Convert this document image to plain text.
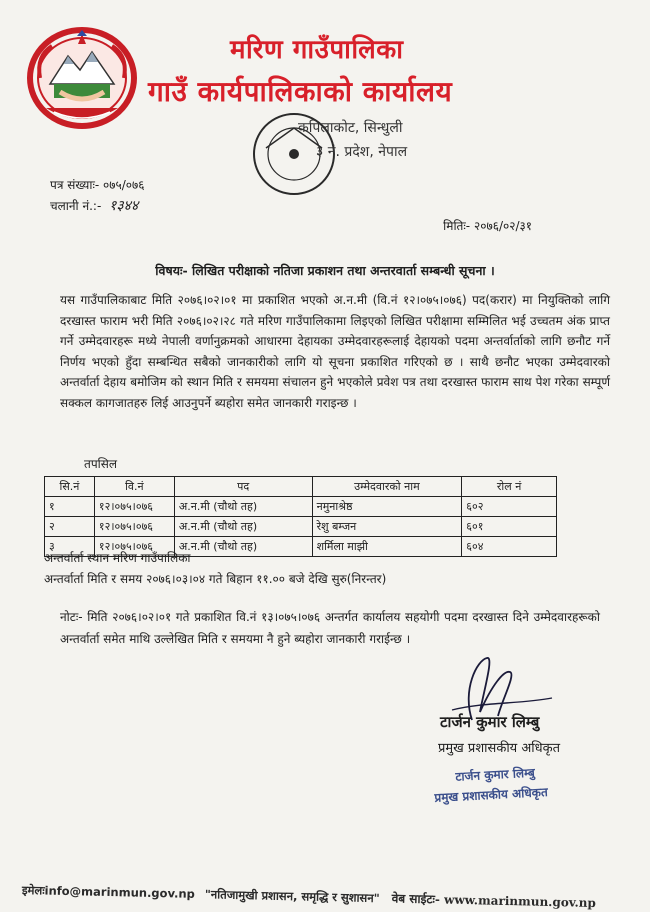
मरिण गाउँपालिका
गाउँ कार्यपालिकाको कार्यालय
कपिलाकोट, सिन्धुली
३ नं. प्रदेश, नेपाल
पत्र संख्याः- ०७५/०७६
चलानी नं.:- १३४४
मितिः- २०७६/०२/३१
विषयः- लिखित परीक्षाको नतिजा प्रकाशन तथा अन्तरवार्ता सम्बन्धी सूचना ।
यस गाउँपालिकाबाट मिति २०७६।०२।०१ मा प्रकाशित भएको अ.न.मी (वि.नं १२।०७५।०७६) पद(करार) मा नियुक्तिको लागि दरखास्त फाराम भरी मिति २०७६।०२।२८ गते मरिण गाउँपालिकामा लिइएको लिखित परीक्षामा सम्मिलित भई उच्चतम अंक प्राप्त गर्ने उम्मेदवारहरू मध्ये नेपाली वर्णानुक्रमको आधारमा देहायका उम्मेदवारहरूलाई देहायको पदमा अन्तर्वार्ताको लागि छनौट गर्ने निर्णय भएको हुँदा सम्बन्धित सबैको जानकारीको लागि यो सूचना प्रकाशित गरिएको छ । साथै छनौट भएका उम्मेदवारको अन्तर्वार्ता देहाय बमोजिम को स्थान मिति र समयमा संचालन हुने भएकोले प्रवेश पत्र तथा दरखास्त फाराम साथ पेश गरेका सम्पूर्ण सक्कल कागजातहरु लिई आउनुपर्ने ब्यहोरा समेत जानकारी गराइन्छ ।
तपसिल
सि.नं	वि.नं	पद	उम्मेदवारको नाम	रोल नं
१	१२।०७५।०७६	अ.न.मी (चौथो तह)	नमुनाश्रेष्ठ	६०२
२	१२।०७५।०७६	अ.न.मी (चौथो तह)	रेशु बम्जन	६०१
३	१२।०७५।०७६	अ.न.मी (चौथो तह)	शर्मिला माझी	६०४
अन्तर्वार्ता स्थान मरिण गाउँपालिका
अन्तर्वार्ता मिति र समय २०७६।०३।०४ गते बिहान ११.०० बजे देखि सुरु(निरन्तर)
नोटः- मिति २०७६।०२।०१ गते प्रकाशित वि.नं १३।०७५।०७६ अन्तर्गत कार्यालय सहयोगी पदमा दरखास्त दिने उम्मेदवारहरूको अन्तर्वार्ता समेत माथि उल्लेखित मिति र समयमा नै हुने ब्यहोरा जानकारी गराईन्छ ।
टार्जन कुमार लिम्बु
प्रमुख प्रशासकीय अधिकृत
टार्जन कुमार लिम्बु
प्रमुख प्रशासकीय अधिकृत
इमेलःinfo@marinmun.gov.np "नतिजामुखी प्रशासन, समृद्धि र सुशासन" वेब साईटः- www.marinmun.gov.np
